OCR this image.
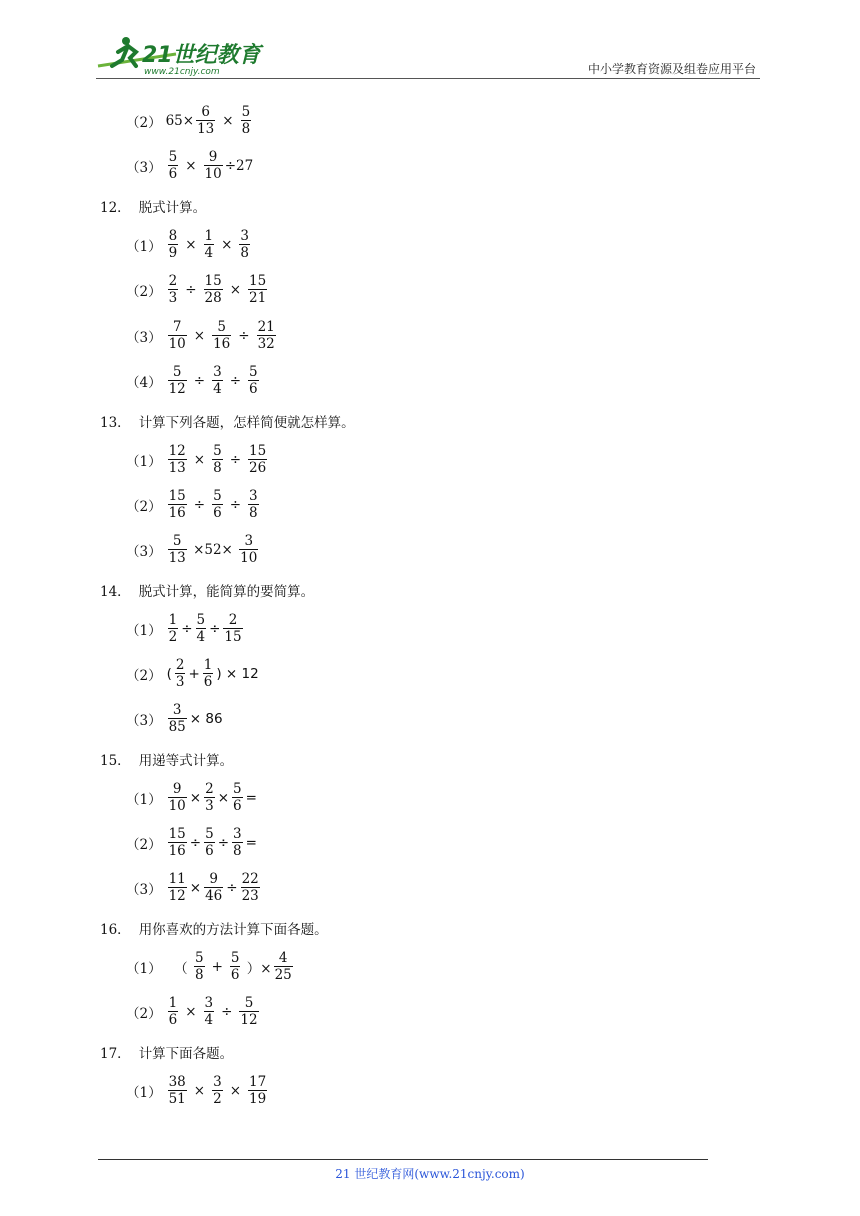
21世纪教育
www.21cnjy.com	中小学教育资源及组卷应用平台
（2） $65\times \frac{6}{13} \times \frac{5}{8}$
$(3) \frac{5}{6} \times \frac{9}{10} \div 27$
12． 脱式计算。
$(1) \frac{8}{9} \times \frac{1}{4} \times \frac{3}{8}$
$(2) \frac{2}{3} \div \frac{15}{28} \times \frac{15}{21}$
$(3) \frac{7}{10} \times \frac{5}{16} \div \frac{21}{32}$
$(4) \frac{5}{12} \div \frac{3}{4} \div \frac{5}{6}$
13． 计算下列各题，怎样简便就怎样算。
$(1) \frac{12}{13} \times \frac{5}{8} \div \frac{15}{26}$
$(2) \frac{15}{16} \div \frac{5}{6} \div \frac{3}{8}$
$(3) \frac{5}{13} \times 52\times \frac{3}{10}$
14． 脱式计算，能简算的要简算。
$(1) \frac{1}{2} \div \frac{5}{4} \div \frac{2}{15}$
（2） ( $\frac{2}{3} + \frac{1}{6}$ ) × 12
$(3) \frac{3}{85} \times 86$
15． 用递等式计算。
$(1) \frac{9}{10} \times \frac{2}{3} \times \frac{5}{6}$ =
$(2) \frac{15}{16} \div \frac{5}{6} \div \frac{3}{8}$ =
$(3) \frac{11}{12} \times \frac{9}{46} \div \frac{22}{23}$
16． 用你喜欢的方法计算下面各题。
（1） （ $\frac{5}{8} + \frac{5}{6}$ ）× $\frac{4}{25}$
$(2) \frac{1}{6} \times \frac{3}{4} \div \frac{5}{12}$
17． 计算下面各题。
$(1) \frac{38}{51} \times \frac{3}{2} \times \frac{17}{19}$
21 世纪教育网(www.21cnjy.com)
